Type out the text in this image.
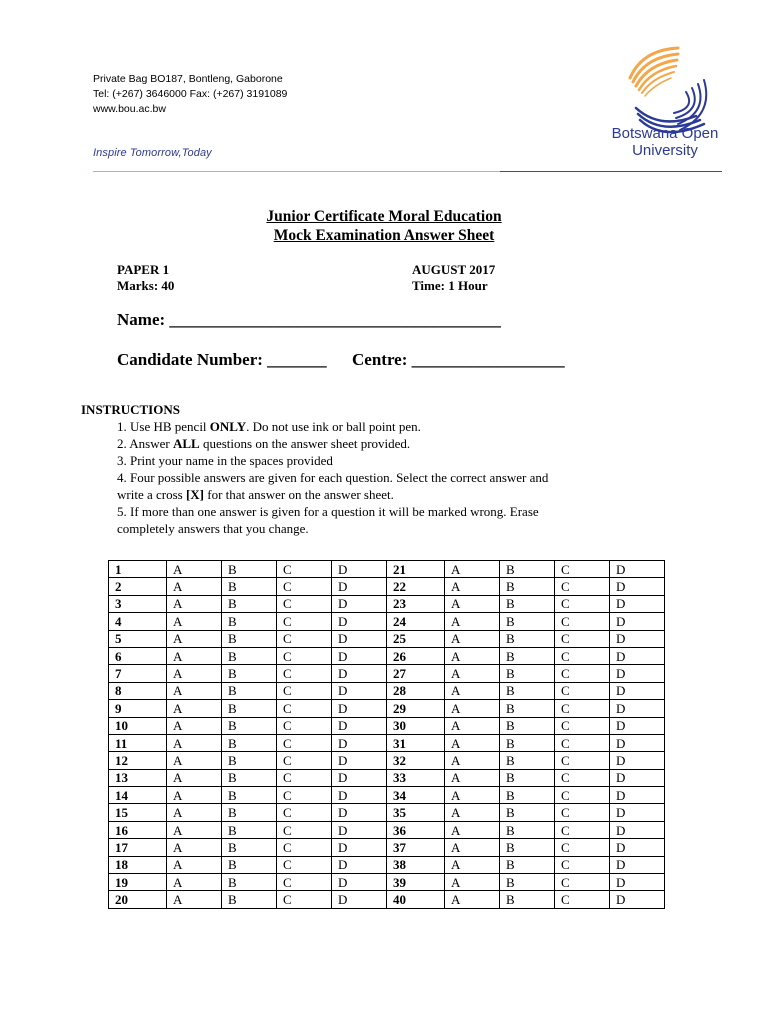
Private Bag BO187, Bontleng, Gaborone
Tel: (+267) 3646000 Fax: (+267) 3191089
www.bou.ac.bw
Inspire Tomorrow,Today
Botswana Open
University
Junior Certificate Moral Education
Mock Examination Answer Sheet
PAPER 1
Marks: 40
AUGUST 2017
Time: 1 Hour
Name: _______________________________________
Candidate Number: _______ Centre: __________________
INSTRUCTIONS
1. Use HB pencil ONLY. Do not use ink or ball point pen.
2. Answer ALL questions on the answer sheet provided.
3. Print your name in the spaces provided
4. Four possible answers are given for each question. Select the correct answer and
write a cross [X] for that answer on the answer sheet.
5. If more than one answer is given for a question it will be marked wrong. Erase
completely answers that you change.
1	A	B	C	D	21	A	B	C	D
2	A	B	C	D	22	A	B	C	D
3	A	B	C	D	23	A	B	C	D
4	A	B	C	D	24	A	B	C	D
5	A	B	C	D	25	A	B	C	D
6	A	B	C	D	26	A	B	C	D
7	A	B	C	D	27	A	B	C	D
8	A	B	C	D	28	A	B	C	D
9	A	B	C	D	29	A	B	C	D
10	A	B	C	D	30	A	B	C	D
11	A	B	C	D	31	A	B	C	D
12	A	B	C	D	32	A	B	C	D
13	A	B	C	D	33	A	B	C	D
14	A	B	C	D	34	A	B	C	D
15	A	B	C	D	35	A	B	C	D
16	A	B	C	D	36	A	B	C	D
17	A	B	C	D	37	A	B	C	D
18	A	B	C	D	38	A	B	C	D
19	A	B	C	D	39	A	B	C	D
20	A	B	C	D	40	A	B	C	D
